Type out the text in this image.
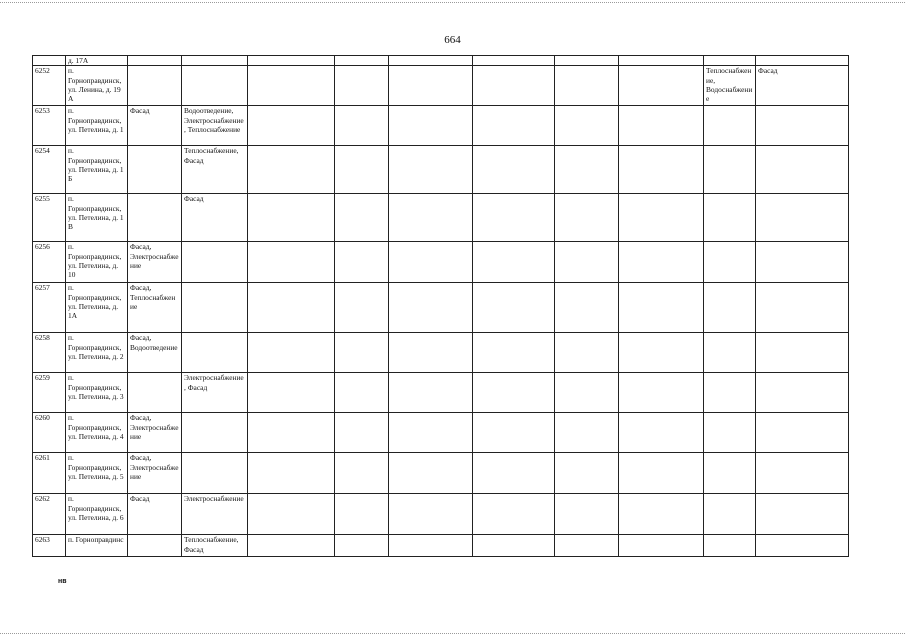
664
	д. 17А										
6252	п. Горноправдинск, ул. Ленина, д. 19 А									Теплоснабжение, Водоснабжение	Фасад
6253	п. Горноправдинск, ул. Петелина, д. 1	Фасад	Водоотведение, Электроснабжение, Теплоснабжение								
6254	п. Горноправдинск, ул. Петелина, д. 1 Б		Теплоснабжение, Фасад								
6255	п. Горноправдинск, ул. Петелина, д. 1 В		Фасад								
6256	п. Горноправдинск, ул. Петелина, д. 10	Фасад, Электроснабжение									
6257	п. Горноправдинск, ул. Петелина, д. 1А	Фасад, Теплоснабжение									
6258	п. Горноправдинск, ул. Петелина, д. 2	Фасад, Водоотведение									
6259	п. Горноправдинск, ул. Петелина, д. 3		Электроснабжение, Фасад								
6260	п. Горноправдинск, ул. Петелина, д. 4	Фасад, Электроснабжение									
6261	п. Горноправдинск, ул. Петелина, д. 5	Фасад, Электроснабжение									
6262	п. Горноправдинск, ул. Петелина, д. 6	Фасад	Электроснабжение								
6263	п. Горноправдинс		Теплоснабжение, Фасад								
нв
